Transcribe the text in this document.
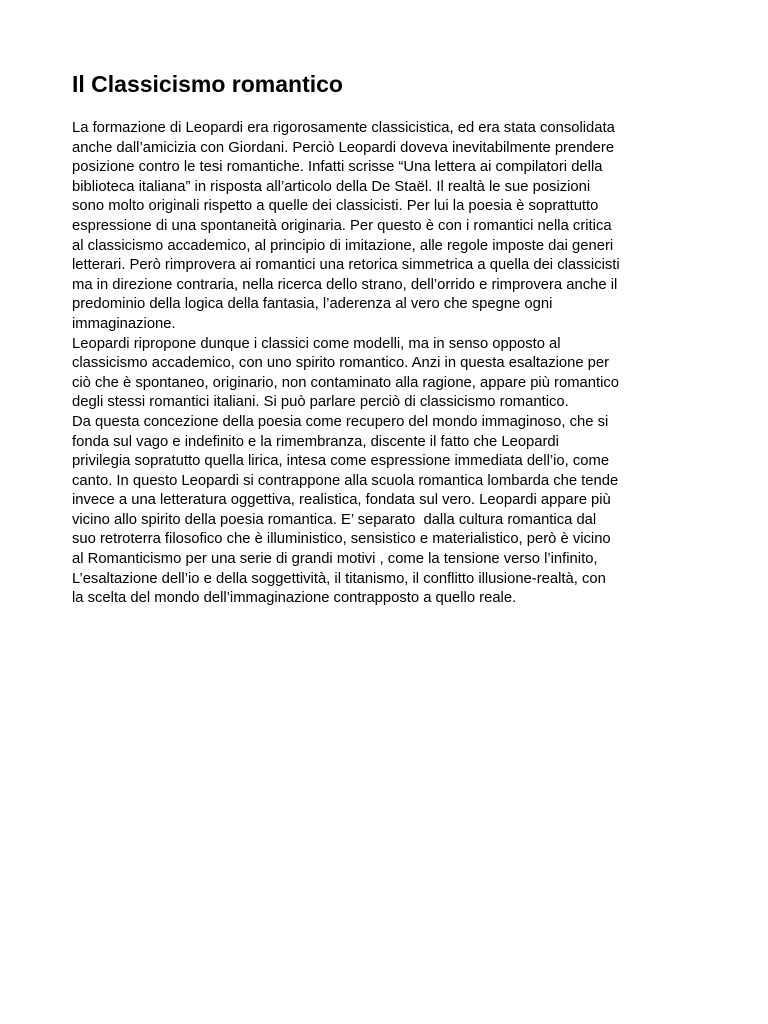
Il Classicismo romantico
La formazione di Leopardi era rigorosamente classicistica, ed era stata consolidata
anche dall’amicizia con Giordani. Perciò Leopardi doveva inevitabilmente prendere
posizione contro le tesi romantiche. Infatti scrisse “Una lettera ai compilatori della
biblioteca italiana” in risposta all’articolo della De Staël. Il realtà le sue posizioni
sono molto originali rispetto a quelle dei classicisti. Per lui la poesia è soprattutto
espressione di una spontaneità originaria. Per questo è con i romantici nella critica
al classicismo accademico, al principio di imitazione, alle regole imposte dai generi
letterari. Però rimprovera ai romantici una retorica simmetrica a quella dei classicisti
ma in direzione contraria, nella ricerca dello strano, dell’orrido e rimprovera anche il
predominio della logica della fantasia, l’aderenza al vero che spegne ogni
immaginazione.
Leopardi ripropone dunque i classici come modelli, ma in senso opposto al
classicismo accademico, con uno spirito romantico. Anzi in questa esaltazione per
ciò che è spontaneo, originario, non contaminato alla ragione, appare più romantico
degli stessi romantici italiani. Si può parlare perciò di classicismo romantico.
Da questa concezione della poesia come recupero del mondo immaginoso, che si
fonda sul vago e indefinito e la rimembranza, discente il fatto che Leopardi
privilegia sopratutto quella lirica, intesa come espressione immediata dell’io, come
canto. In questo Leopardi si contrappone alla scuola romantica lombarda che tende
invece a una letteratura oggettiva, realistica, fondata sul vero. Leopardi appare più
vicino allo spirito della poesia romantica. E’ separato  dalla cultura romantica dal
suo retroterra filosofico che è illuministico, sensistico e materialistico, però è vicino
al Romanticismo per una serie di grandi motivi , come la tensione verso l’infinito,
L’esaltazione dell’io e della soggettività, il titanismo, il conflitto illusione-realtà, con
la scelta del mondo dell’immaginazione contrapposto a quello reale.
